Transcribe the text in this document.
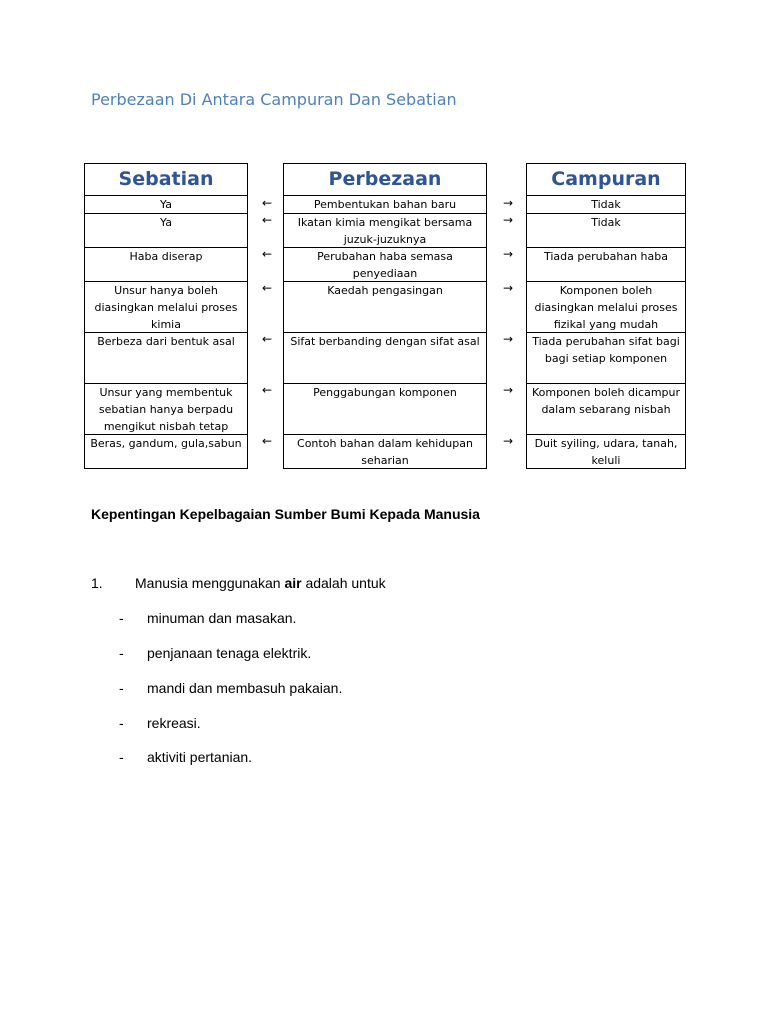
Perbezaan Di Antara Campuran Dan Sebatian
Sebatian
Ya
Ya
Haba diserap
Unsur hanya boleh diasingkan melalui proses kimia
Berbeza dari bentuk asal
Unsur yang membentuk sebatian hanya berpadu mengikut nisbah tetap
Beras, gandum, gula,sabun
←
←
←
←
←
←
←
Perbezaan
Pembentukan bahan baru
Ikatan kimia mengikat bersama juzuk-juzuknya
Perubahan haba semasa penyediaan
Kaedah pengasingan
Sifat berbanding dengan sifat asal
Penggabungan komponen
Contoh bahan dalam kehidupan seharian
→
→
→
→
→
→
→
Campuran
Tidak
Tidak
Tiada perubahan haba
Komponen boleh diasingkan melalui proses fizikal yang mudah
Tiada perubahan sifat bagi bagi setiap komponen
Komponen boleh dicampur dalam sebarang nisbah
Duit syiling, udara, tanah, keluli
Kepentingan Kepelbagaian Sumber Bumi Kepada Manusia
1. Manusia menggunakan air adalah untuk
- minuman dan masakan.
- penjanaan tenaga elektrik.
- mandi dan membasuh pakaian.
- rekreasi.
- aktiviti pertanian.
